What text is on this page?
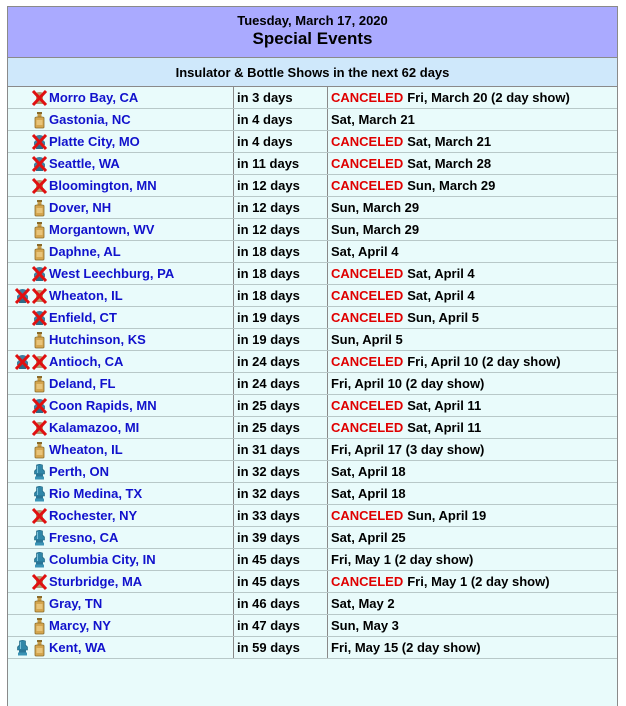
Tuesday, March 17, 2020
Special Events
Insulator & Bottle Shows in the next 62 days
Morro Bay, CA	in 3 days	CANCELED Fri, March 20 (2 day show)
Gastonia, NC	in 4 days	Sat, March 21
Platte City, MO	in 4 days	CANCELED Sat, March 21
Seattle, WA	in 11 days	CANCELED Sat, March 28
Bloomington, MN	in 12 days	CANCELED Sun, March 29
Dover, NH	in 12 days	Sun, March 29
Morgantown, WV	in 12 days	Sun, March 29
Daphne, AL	in 18 days	Sat, April 4
West Leechburg, PA	in 18 days	CANCELED Sat, April 4
Wheaton, IL	in 18 days	CANCELED Sat, April 4
Enfield, CT	in 19 days	CANCELED Sun, April 5
Hutchinson, KS	in 19 days	Sun, April 5
Antioch, CA	in 24 days	CANCELED Fri, April 10 (2 day show)
Deland, FL	in 24 days	Fri, April 10 (2 day show)
Coon Rapids, MN	in 25 days	CANCELED Sat, April 11
Kalamazoo, MI	in 25 days	CANCELED Sat, April 11
Wheaton, IL	in 31 days	Fri, April 17 (3 day show)
Perth, ON	in 32 days	Sat, April 18
Rio Medina, TX	in 32 days	Sat, April 18
Rochester, NY	in 33 days	CANCELED Sun, April 19
Fresno, CA	in 39 days	Sat, April 25
Columbia City, IN	in 45 days	Fri, May 1 (2 day show)
Sturbridge, MA	in 45 days	CANCELED Fri, May 1 (2 day show)
Gray, TN	in 46 days	Sat, May 2
Marcy, NY	in 47 days	Sun, May 3
Kent, WA	in 59 days	Fri, May 15 (2 day show)
